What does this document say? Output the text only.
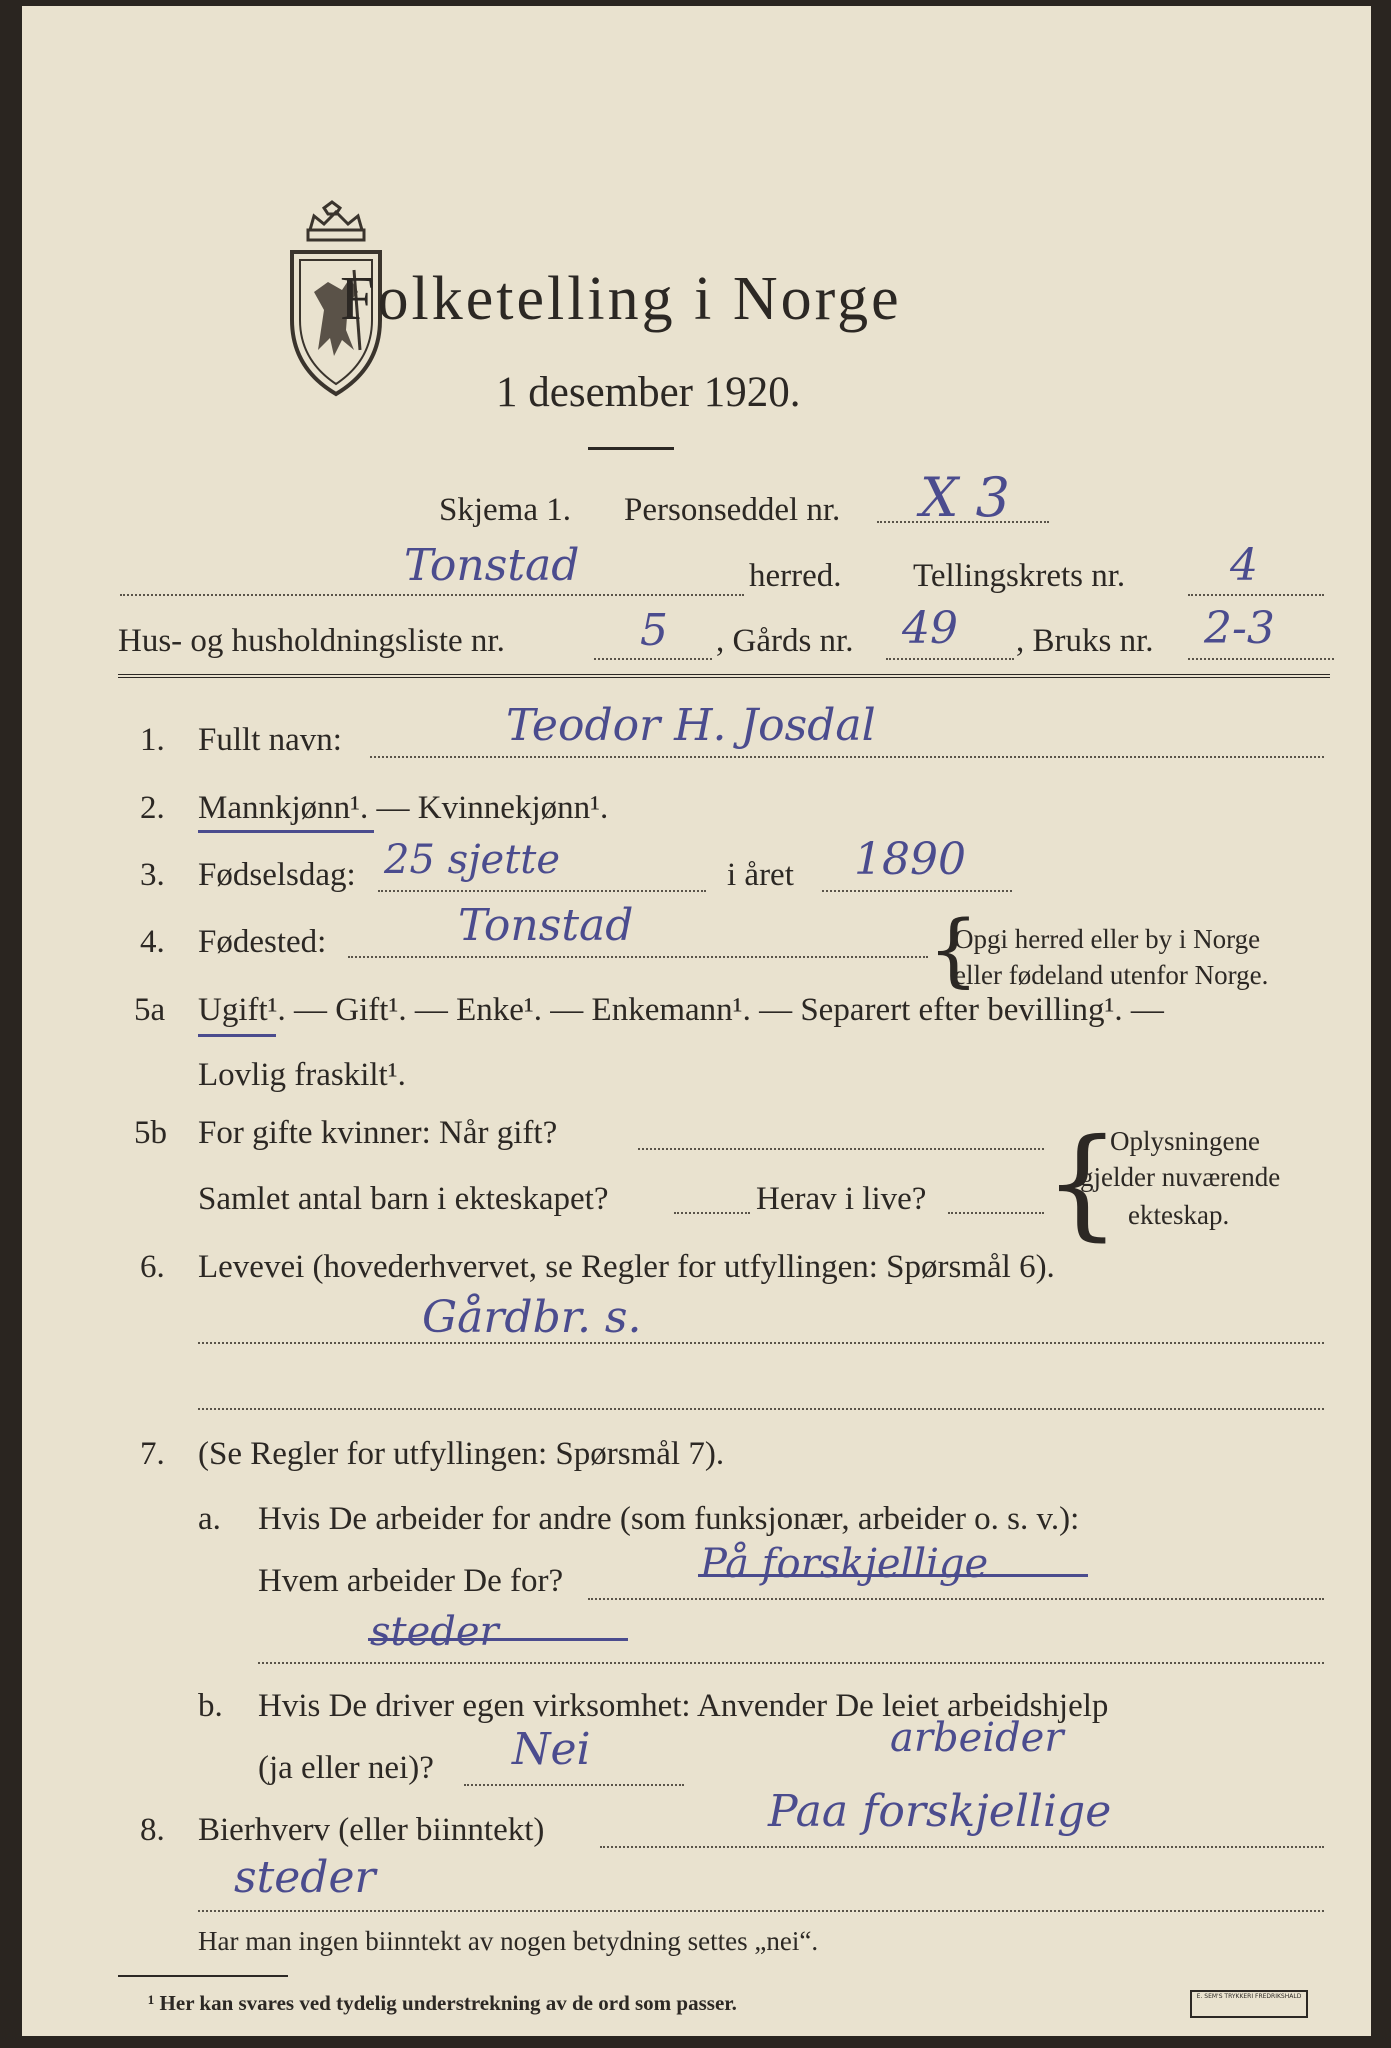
Folketelling i Norge
1 desember 1920.
Skjema 1. Personseddel nr. X 3
Tonstad	herred. Tellingskrets nr. 4
Hus- og husholdningsliste nr.	5 , Gårds nr. 49 , Bruks nr. 2-3
1. Fullt navn:	Teodor H. Josdal
2. Mannkjønn¹. — Kvinnekjønn¹.
3. Fødselsdag: 25 sjette	i året 1890
4. Fødested:	Tonstad	{
Opgi herred eller by i Norge
eller fødeland utenfor Norge.
5a Ugift¹. — Gift¹. — Enke¹. — Enkemann¹. — Separert efter bevilling¹. —
Lovlig fraskilt¹.
5b For gifte kvinner: Når gift?
Samlet antal barn i ekteskapet?	Herav i live? {
Oplysningene
gjelder nuværende
ekteskap.
6. Levevei (hovederhvervet, se Regler for utfyllingen: Spørsmål 6).
Gårdbr. s.
7. (Se Regler for utfyllingen: Spørsmål 7).
a. Hvis De arbeider for andre (som funksjonær, arbeider o. s. v.):
Hvem arbeider De for?	På forskjellige
steder
b. Hvis De driver egen virksomhet: Anvender De leiet arbeidshjelp
(ja eller nei)? Nei	arbeider
8. Bierhverv (eller biinntekt)	Paa forskjellige
steder
Har man ingen biinntekt av nogen betydning settes „nei“.
¹ Her kan svares ved tydelig understrekning av de ord som passer.	E. SEM'S TRYKKERI FREDRIKSHALD
